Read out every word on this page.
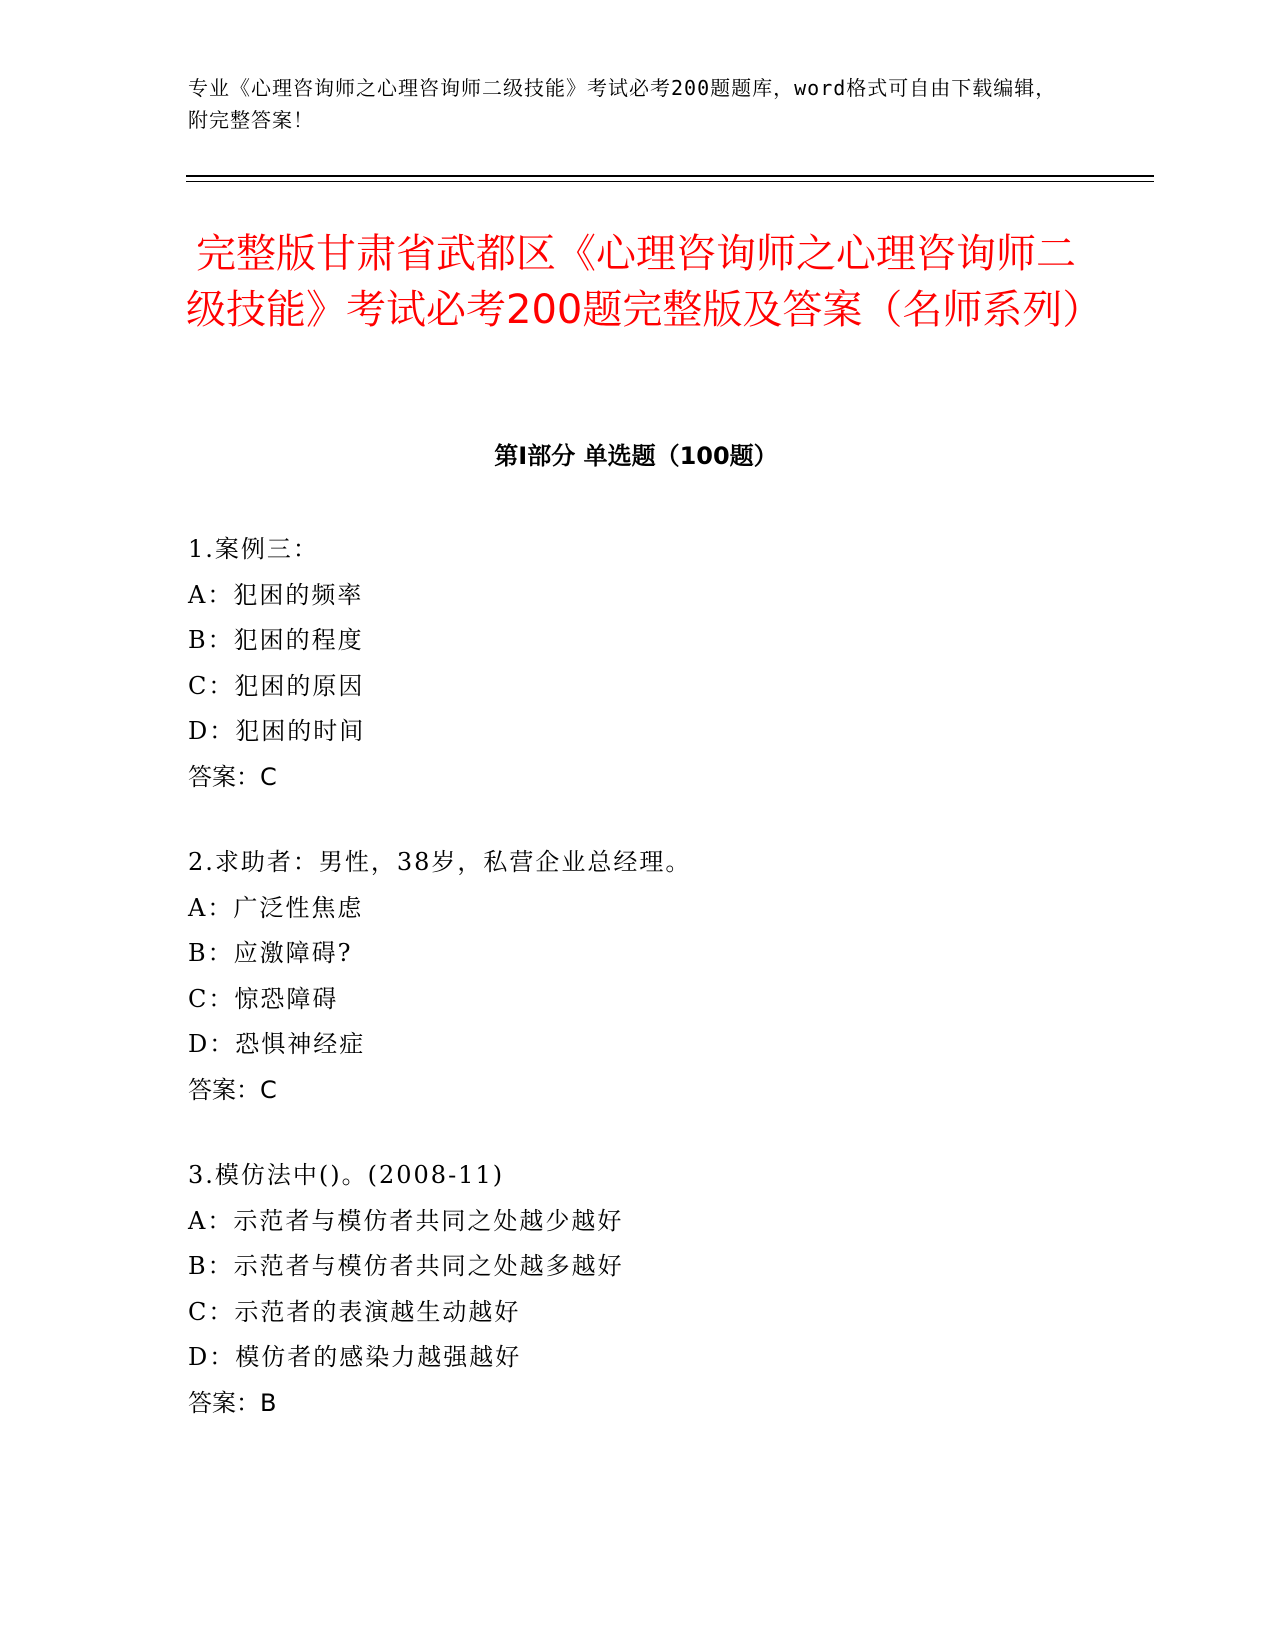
专业《心理咨询师之心理咨询师二级技能》考试必考200题题库，word格式可自由下载编辑，附完整答案！
完整版甘肃省武都区《心理咨询师之心理咨询师二级技能》考试必考200题完整版及答案（名师系列）
第Ⅰ部分 单选题（100题）
1.案例三：
A：犯困的频率
B：犯困的程度
C：犯困的原因
D：犯困的时间
答案：C
2.求助者：男性，38岁，私营企业总经理。
A：广泛性焦虑
B：应激障碍?
C：惊恐障碍
D：恐惧神经症
答案：C
3.模仿法中()。(2008-11)
A：示范者与模仿者共同之处越少越好
B：示范者与模仿者共同之处越多越好
C：示范者的表演越生动越好
D：模仿者的感染力越强越好
答案：B
